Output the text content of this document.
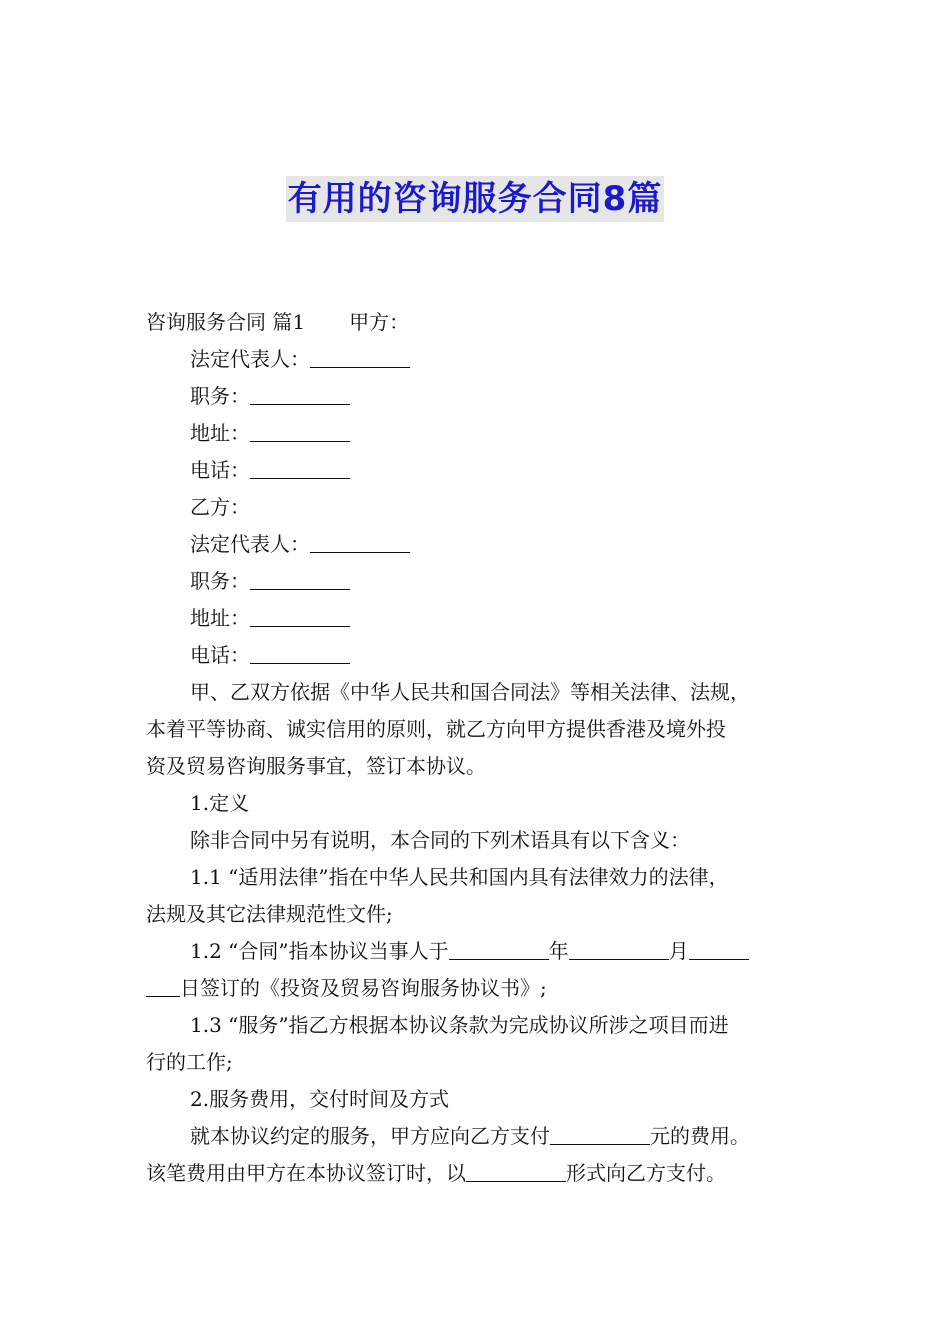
有用的咨询服务合同8篇
咨询服务合同 篇1 甲方：
法定代表人：
职务：
地址：
电话：
乙方：
法定代表人：
职务：
地址：
电话：
甲、乙双方依据《中华人民共和国合同法》等相关法律、法规，
本着平等协商、诚实信用的原则，就乙方向甲方提供香港及境外投
资及贸易咨询服务事宜，签订本协议。
1.定义
除非合同中另有说明，本合同的下列术语具有以下含义：
1.1 “适用法律”指在中华人民共和国内具有法律效力的法律，
法规及其它法律规范性文件;
1.2 “合同”指本协议当事人于	年	月
日签订的《投资及贸易咨询服务协议书》;
1.3 “服务”指乙方根据本协议条款为完成协议所涉之项目而进
行的工作;
2.服务费用，交付时间及方式
就本协议约定的服务，甲方应向乙方支付	元的费用。
该笔费用由甲方在本协议签订时，以	形式向乙方支付。
